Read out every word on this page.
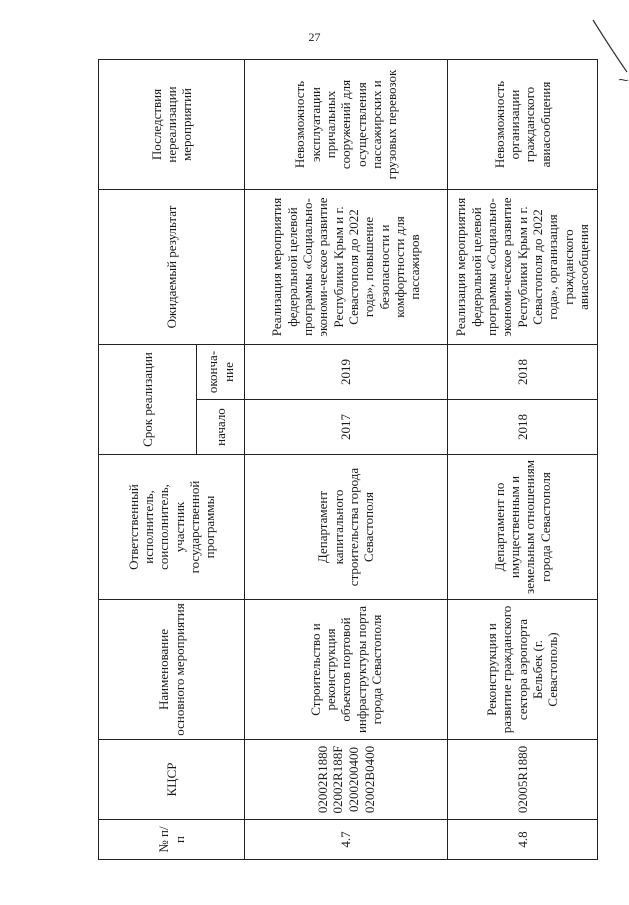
27
№ п/п	КЦСР	Наименование основного мероприятия	Ответственный исполнитель, соисполнитель, участник государственной программы	Срок реализации		Ожидаемый результат	Последствия нереализации мероприятий
				начало	оконча-ние		
4.7	02002R1880 02002R188F 0200200400 02002B0400	Строительство и реконструкция объектов портовой инфраструктуры порта города Севастополя	Департамент капитального строительства города Севастополя	2017	2019	Реализация мероприятия федеральной целевой программы «Социально-экономи-ческое развитие Республики Крым и г. Севастополя до 2022 года», повышение безопасности и комфортности для пассажиров	Невозможность эксплуатации причальных сооружений для осуществления пассажирских и грузовых перевозок
4.8	02005R1880	Реконструкция и развитие гражданского сектора аэропорта Бельбек (г. Севастополь)	Департамент по имущественным и земельным отношениям города Севастополя	2018	2018	Реализация мероприятия федеральной целевой программы «Социально-экономи-ческое развитие Республики Крым и г. Севастополя до 2022 года», организация гражданского авиасообщения	Невозможность организации гражданского авиасообщения
